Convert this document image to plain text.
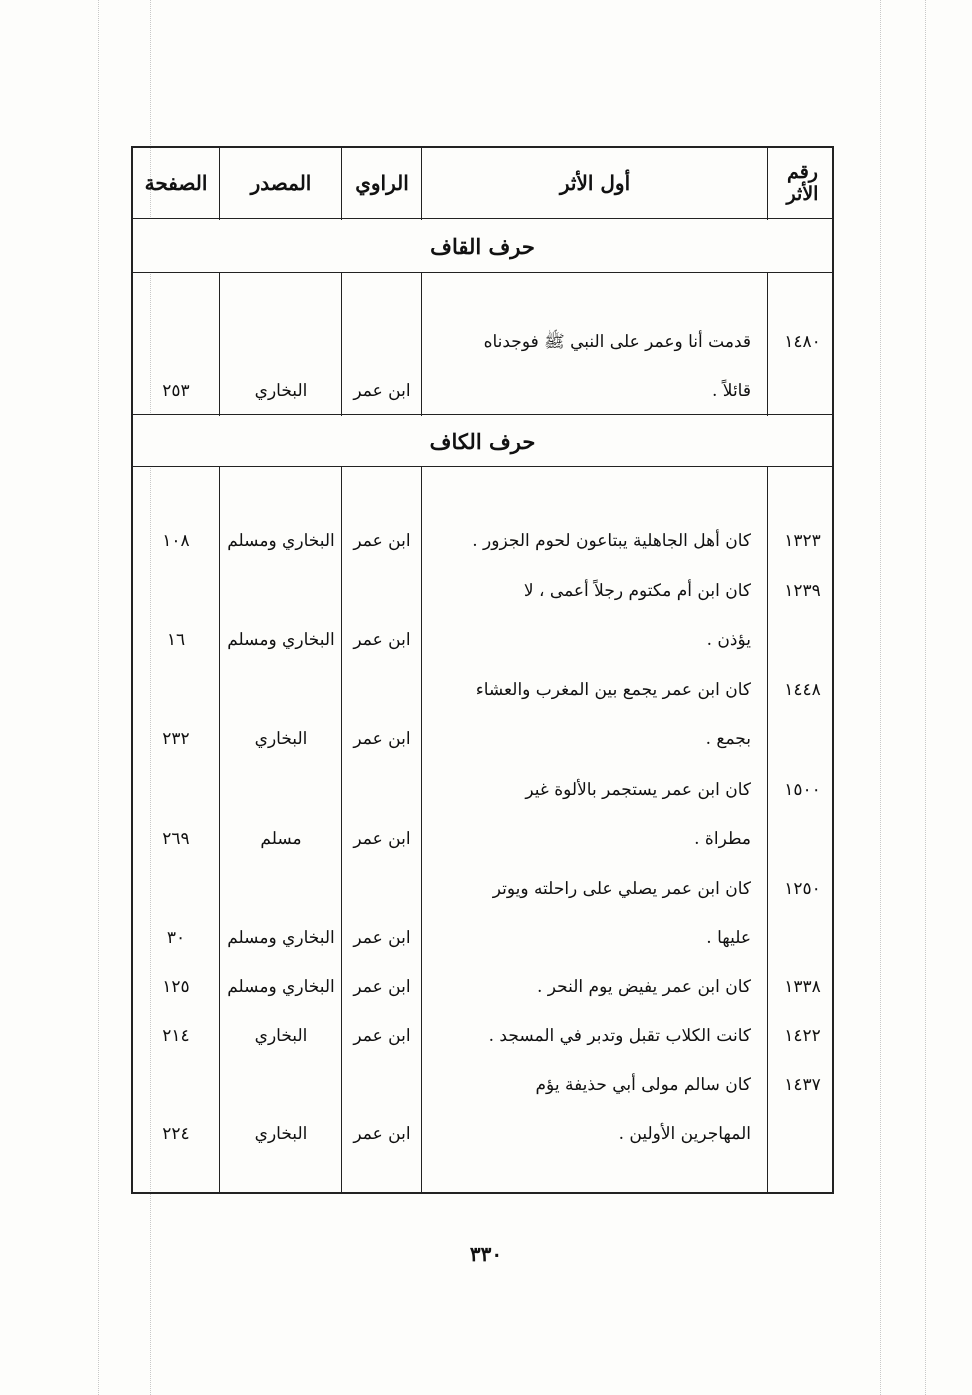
رقم الأثر
أول الأثر
الراوي
المصدر
الصفحة
حرف القاف
١٤٨٠
قدمت أنا وعمر على النبي ﷺ فوجدناه
قائلاً .
ابن عمر
البخاري
٢٥٣
حرف الكاف
١٣٢٣
كان أهل الجاهلية يبتاعون لحوم الجزور .
ابن عمر
البخاري ومسلم
١٠٨
١٢٣٩
كان ابن أم مكتوم رجلاً أعمى ، لا
يؤذن .
ابن عمر
البخاري ومسلم
١٦
١٤٤٨
كان ابن عمر يجمع بين المغرب والعشاء
بجمع .
ابن عمر
البخاري
٢٣٢
١٥٠٠
كان ابن عمر يستجمر بالألوة غير
مطراة .
ابن عمر
مسلم
٢٦٩
١٢٥٠
كان ابن عمر يصلي على راحلته ويوتر
عليها .
ابن عمر
البخاري ومسلم
٣٠
١٣٣٨
كان ابن عمر يفيض يوم النحر .
ابن عمر
البخاري ومسلم
١٢٥
١٤٢٢
كانت الكلاب تقبل وتدبر في المسجد .
ابن عمر
البخاري
٢١٤
١٤٣٧
كان سالم مولى أبي حذيفة يؤم
المهاجرين الأولين .
ابن عمر
البخاري
٢٢٤
٣٣٠
